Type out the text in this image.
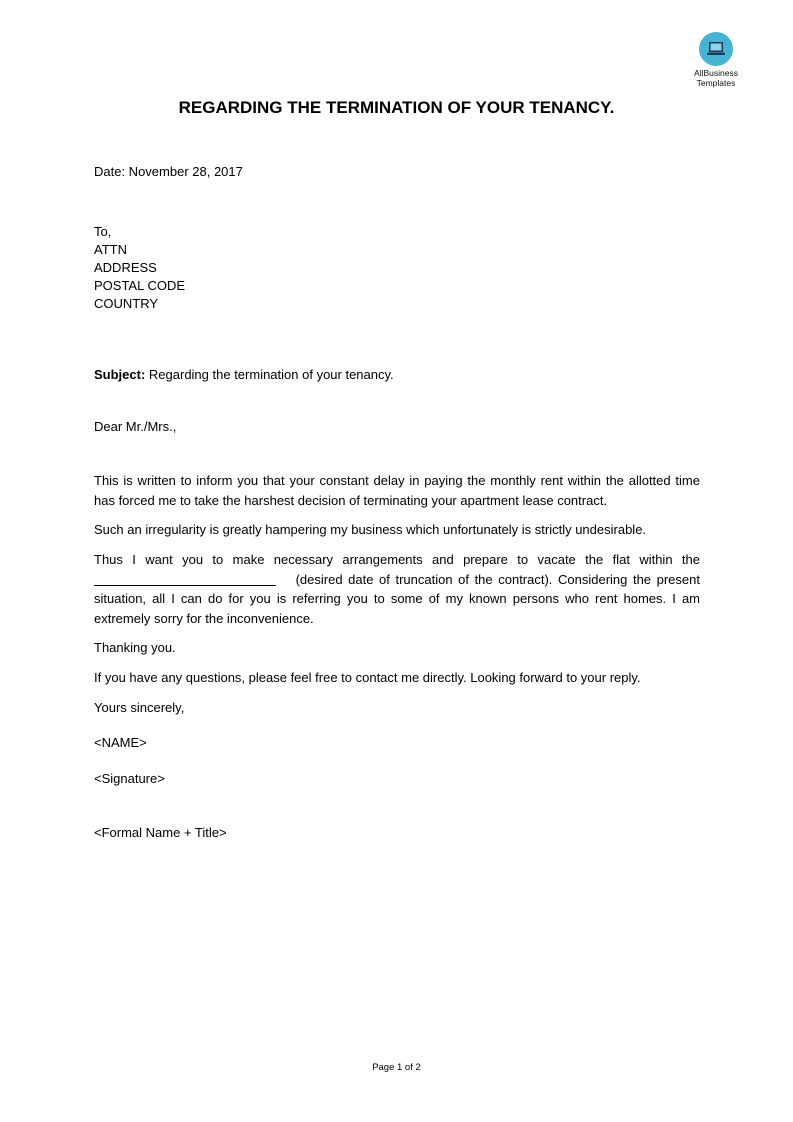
AllBusiness
Templates
REGARDING THE TERMINATION OF YOUR TENANCY.
Date: November 28, 2017
To,
ATTN
ADDRESS
POSTAL CODE
COUNTRY
Subject: Regarding the termination of your tenancy.
Dear Mr./Mrs.,
This is written to inform you that your constant delay in paying the monthly rent within the allotted time has forced me to take the harshest decision of terminating your apartment lease contract.
Such an irregularity is greatly hampering my business which unfortunately is strictly undesirable.
Thus I want you to make necessary arrangements and prepare to vacate the flat within the  (desired date of truncation of the contract). Considering the present situation, all I can do for you is referring you to some of my known persons who rent homes. I am extremely sorry for the inconvenience.
Thanking you.
If you have any questions, please feel free to contact me directly. Looking forward to your reply.
Yours sincerely,
<NAME>
<Signature>
<Formal Name + Title>
Page 1 of 2
